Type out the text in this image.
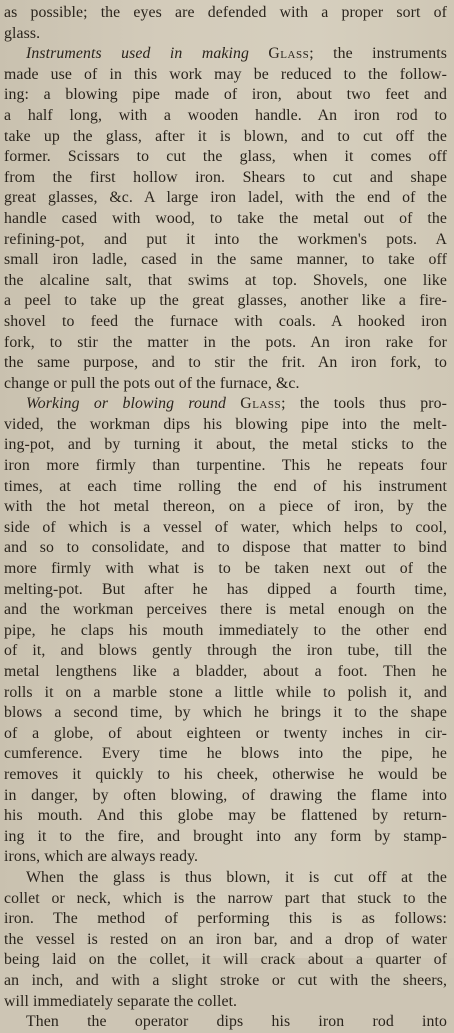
as possible; the eyes are defended with a proper sort of
glass.
Instruments used in making Glass; the instruments
made use of in this work may be reduced to the follow-
ing: a blowing pipe made of iron, about two feet and
a half long, with a wooden handle. An iron rod to
take up the glass, after it is blown, and to cut off the
former. Scissars to cut the glass, when it comes off
from the first hollow iron. Shears to cut and shape
great glasses, &c. A large iron ladel, with the end of the
handle cased with wood, to take the metal out of the
refining-pot, and put it into the workmen's pots. A
small iron ladle, cased in the same manner, to take off
the alcaline salt, that swims at top. Shovels, one like
a peel to take up the great glasses, another like a fire-
shovel to feed the furnace with coals. A hooked iron
fork, to stir the matter in the pots. An iron rake for
the same purpose, and to stir the frit. An iron fork, to
change or pull the pots out of the furnace, &c.
Working or blowing round Glass; the tools thus pro-
vided, the workman dips his blowing pipe into the melt-
ing-pot, and by turning it about, the metal sticks to the
iron more firmly than turpentine. This he repeats four
times, at each time rolling the end of his instrument
with the hot metal thereon, on a piece of iron, by the
side of which is a vessel of water, which helps to cool,
and so to consolidate, and to dispose that matter to bind
more firmly with what is to be taken next out of the
melting-pot. But after he has dipped a fourth time,
and the workman perceives there is metal enough on the
pipe, he claps his mouth immediately to the other end
of it, and blows gently through the iron tube, till the
metal lengthens like a bladder, about a foot. Then he
rolls it on a marble stone a little while to polish it, and
blows a second time, by which he brings it to the shape
of a globe, of about eighteen or twenty inches in cir-
cumference. Every time he blows into the pipe, he
removes it quickly to his cheek, otherwise he would be
in danger, by often blowing, of drawing the flame into
his mouth. And this globe may be flattened by return-
ing it to the fire, and brought into any form by stamp-
irons, which are always ready.
When the glass is thus blown, it is cut off at the
collet or neck, which is the narrow part that stuck to the
iron. The method of performing this is as follows:
the vessel is rested on an iron bar, and a drop of water
being laid on the collet, it will crack about a quarter of
an inch, and with a slight stroke or cut with the sheers,
will immediately separate the collet.
Then the operator dips his iron rod into
